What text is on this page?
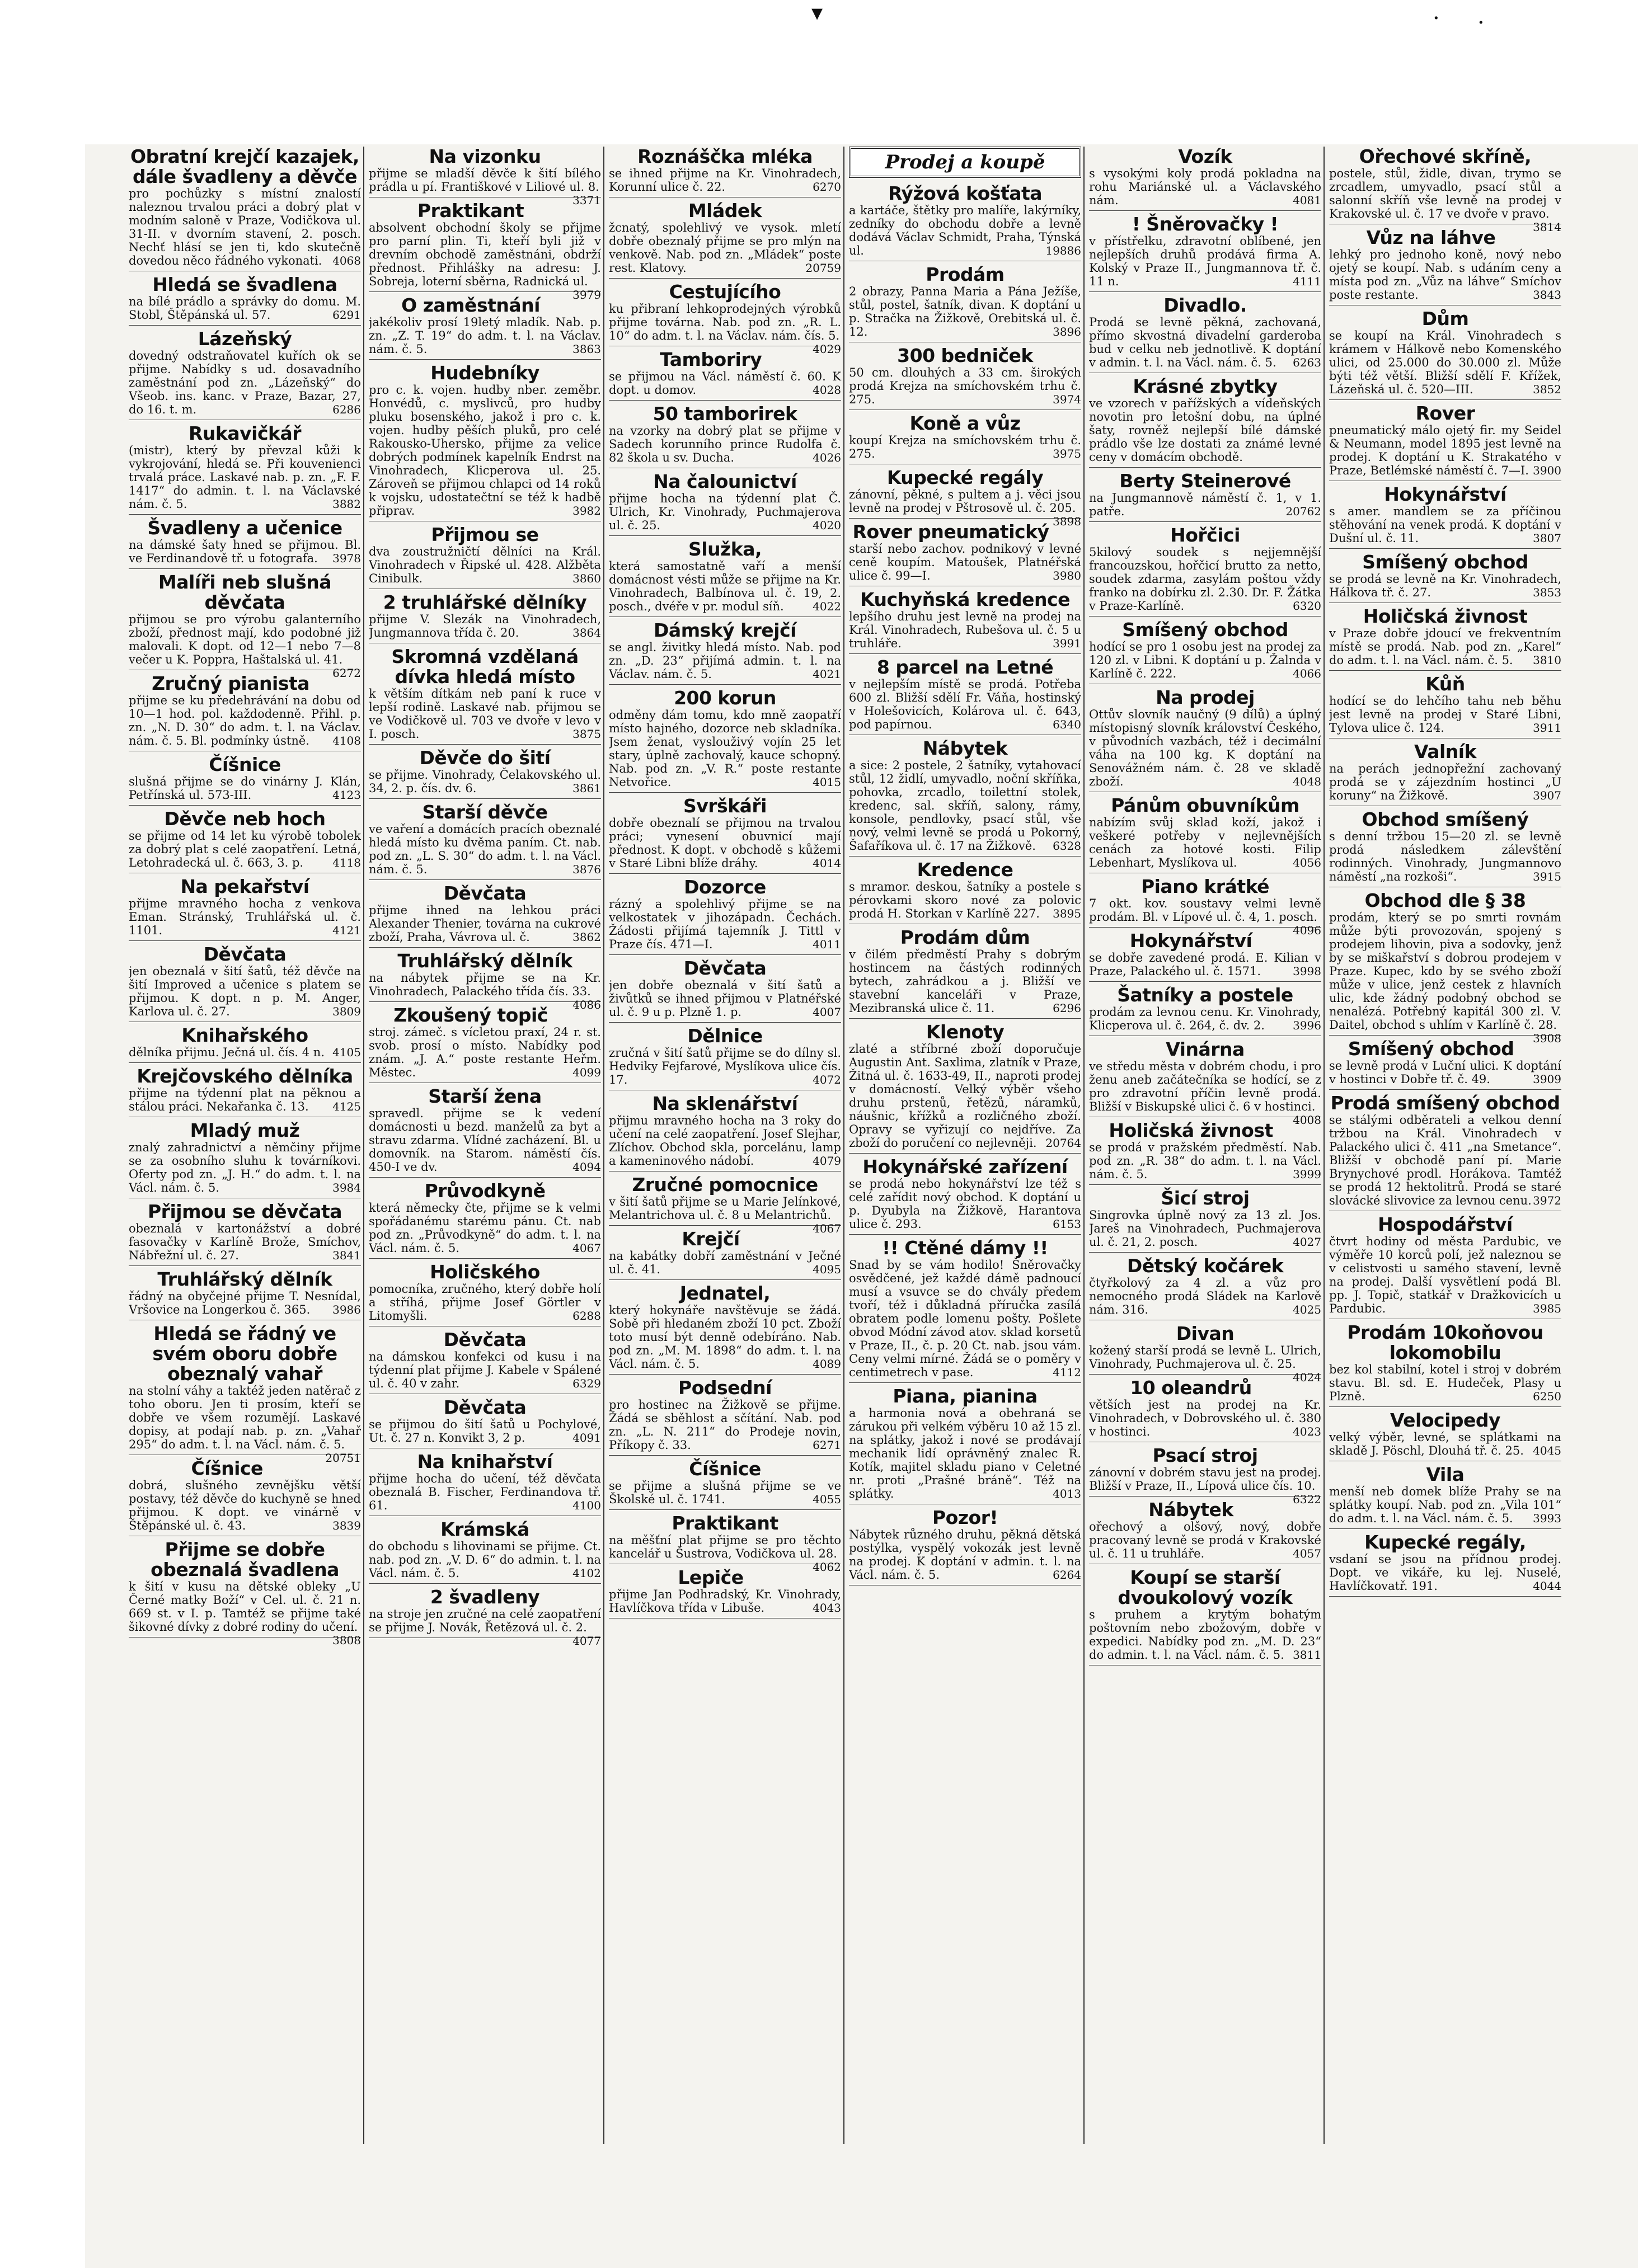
▾	· ·
Obratní krejčí kazajek, dále švadleny a děvče
pro pochůzky s místní znalostí naleznou trvalou práci a dobrý plat v modním saloně v Praze, Vodičkova ul. 31-II. v dvorním stavení, 2. posch. Nechť hlásí se jen ti, kdo skutečně dovedou něco řádného vykonati. 4068
Hledá se švadlena
na bílé prádlo a správky do domu. M. Stobl, Štěpánská ul. 57.	6291
Lázeňský
dovedný odstraňovatel kuřích ok se přijme. Nabídky s ud. dosavadního zaměstnání pod zn. „Lázeňský“ do Všeob. ins. kanc. v Praze, Bazar, 27, do 16. t. m.	6286
Rukavičkář
(mistr), který by převzal kůži k vykrojování, hledá se. Při kouvenienci trvalá práce. Laskavé nab. p. zn. „F. F. 1417“ do admin. t. l. na Václavské nám. č. 5.	3882
Švadleny a učenice
na dámské šaty hned se přijmou. Bl. ve Ferdinandově tř. u fotografa. 3978
Malíři neb slušná děvčata
přijmou se pro výrobu galanterního zboží, přednost mají, kdo podobné již malovali. K dopt. od 12—1 nebo 7—8 večer u K. Poppra, Haštalská ul. 41.
6272
Zručný pianista
přijme se ku předehrávání na dobu od 10—1 hod. pol. každodenně. Přihl. p. zn. „N. D. 30“ do adm. t. l. na Václav. nám. č. 5. Bl. podmínky ústně. 4108
Číšnice
slušná přijme se do vinárny J. Klán, Petřínská ul. 573-III.	4123
Děvče neb hoch
se přijme od 14 let ku výrobě tobolek za dobrý plat s celé zaopatření. Letná, Letohradecká ul. č. 663, 3. p.	4118
Na pekařství
přijme mravného hocha z venkova Eman. Stránský, Truhlářská ul. č. 1101.	4121
Děvčata
jen obeznalá v šití šatů, též děvče na šití Improved a učenice s platem se přijmou. K dopt. n p. M. Anger, Karlova ul. č. 27.	3809
Knihařského
dělníka přijmu. Ječná ul. čís. 4 n. 4105
Krejčovského dělníka
přijme na týdenní plat na pěknou a stálou práci. Nekařanka č. 13. 4125
Mladý muž
znalý zahradnictví a němčiny přijme se za osobního sluhu k továrníkovi. Oferty pod zn. „J. H.“ do adm. t. l. na Václ. nám. č. 5.	3984
Přijmou se děvčata
obeznalá v kartonážství a dobré fasovačky v Karlíně Brože, Smíchov, Nábřežní ul. č. 27.	3841
Truhlářský dělník
řádný na obyčejné přijme T. Nesnídal, Vršovice na Longerkou č. 365. 3986
Hledá se řádný ve svém oboru dobře obeznalý vahař
na stolní váhy a taktéž jeden natěrač z toho oboru. Jen ti prosím, kteří se dobře ve všem rozumějí. Laskavé dopisy, at podají nab. p. zn. „Vahař 295“ do adm. t. l. na Václ. nám. č. 5.
20751
Číšnice
dobrá, slušného zevnějšku větší postavy, též děvče do kuchyně se hned přijmou. K dopt. ve vinárně v Štěpánské ul. č. 43.	3839
Přijme se dobře obeznalá švadlena
k šití v kusu na dětské obleky „U Černé matky Boží“ v Cel. ul. č. 21 n. 669 st. v I. p. Tamtéž se přijme také šikovné dívky z dobré rodiny do učení.
3808
Na vizonku
přijme se mladší děvče k šití bílého prádla u pí. Františkové v Liliové ul. 8.
3371
Praktikant
absolvent obchodní školy se přijme pro parní plin. Ti, kteří byli již v drevním obchodě zaměstnáni, obdrží přednost. Přihlášky na adresu: J. Sobreja, loterní sběrna, Radnická ul.
3979
O zaměstnání
jakékoliv prosí 19letý mladík. Nab. p. zn. „Z. T. 19“ do adm. t. l. na Václav. nám. č. 5.	3863
Hudebníky
pro c. k. vojen. hudby nber. zeměbr. Honvédů, c. myslivců, pro hudby pluku bosenského, jakož i pro c. k. vojen. hudby pěších pluků, pro celé Rakousko-Uhersko, přijme za velice dobrých podmínek kapelník Endrst na Vinohradech, Klicperova ul. 25. Zároveň se přijmou chlapci od 14 roků k vojsku, udostatečtní se též k hadbě připrav.	3982
Přijmou se
dva zoustružničtí dělníci na Král. Vinohradech v Řipské ul. 428. Alžběta Cinibulk.	3860
2 truhlářské dělníky
přijme V. Slezák na Vinohradech, Jungmannova třída č. 20.	3864
Skromná vzdělaná dívka hledá místo
k větším dítkám neb paní k ruce v lepší rodině. Laskavé nab. přijmou se ve Vodičkově ul. 703 ve dvoře v levo v I. posch.	3875
Děvče do šití
se přijme. Vinohrady, Čelakovského ul. 34, 2. p. čís. dv. 6.	3861
Starší děvče
ve vaření a domácích pracích obeznalé hledá místo ku dvěma paním. Ct. nab. pod zn. „L. S. 30“ do adm. t. l. na Václ. nám. č. 5.	3876
Děvčata
přijme ihned na lehkou práci Alexander Thenier, továrna na cukrové zboží, Praha, Vávrova ul. č.	3862
Truhlářský dělník
na nábytek přijme se na Kr. Vinohradech, Palackého třída čís. 33.
4086
Zkoušený topič
stroj. zámeč. s vícletou praxí, 24 r. st. svob. prosí o místo. Nabídky pod znám. „J. A.“ poste restante Heřm. Městec.	4099
Starší žena
spravedl. přijme se k vedení domácnosti u bezd. manželů za byt a stravu zdarma. Vlídné zacházení. Bl. u domovník. na Starom. náměstí čís. 450-I ve dv.	4094
Průvodkyně
která německy čte, přijme se k velmi spořádanému starému pánu. Ct. nab pod zn. „Průvodkyně“ do adm. t. l. na Václ. nám. č. 5.	4067
Holičského
pomocníka, zručného, který dobře holí a stříhá, přijme Josef Görtler v Litomyšli.	6288
Děvčata
na dámskou konfekci od kusu i na týdenní plat přijme J. Kabele v Spálené ul. č. 40 v zahr.	6329
Děvčata
se přijmou do šití šatů u Pochylové, Ut. č. 27 n. Konvikt 3, 2 p.	4091
Na knihařství
přijme hocha do učení, též děvčata obeznalá B. Fischer, Ferdinandova tř. 61.	4100
Krámská
do obchodu s lihovinami se přijme. Ct. nab. pod zn. „V. D. 6“ do admin. t. l. na Václ. nám. č. 5.	4102
2 švadleny
na stroje jen zručné na celé zaopatření se přijme J. Novák, Řetězová ul. č. 2.
4077
Roznáščka mléka
se ihned přijme na Kr. Vinohradech, Korunní ulice č. 22.	6270
Mládek
žcnatý, spolehlivý ve vysok. mletí dobře obeznalý přijme se pro mlýn na venkově. Nab. pod zn. „Mládek“ poste rest. Klatovy.	20759
Cestujícího
ku přibraní lehkoprodejných výrobků přijme továrna. Nab. pod zn. „R. L. 10“ do adm. t. l. na Václav. nám. čís. 5.
4029
Tamboriry
se přijmou na Václ. náměstí č. 60. K dopt. u domov.	4028
50 tamborirek
na vzorky na dobrý plat se přijme v Sadech korunního prince Rudolfa č. 82 škola u sv. Ducha.	4026
Na čalounictví
přijme hocha na týdenní plat Č. Ulrich, Kr. Vinohrady, Puchmajerova ul. č. 25.	4020
Služka,
která samostatně vaří a menší domácnost vésti může se přijme na Kr. Vinohradech, Balbínova ul. č. 19, 2. posch., dvéře v pr. modul síň.	4022
Dámský krejčí
se angl. živitky hledá místo. Nab. pod zn. „D. 23“ přijímá admin. t. l. na Václav. nám. č. 5.	4021
200 korun
odměny dám tomu, kdo mně zaopatří místo hajného, dozorce neb skladníka. Jsem ženat, vyslouživý vojín 25 let stary, úplně zachovalý, kauce schopný. Nab. pod zn. „V. R.“ poste restante Netvořice.	4015
Svrškáři
dobře obeznalí se přijmou na trvalou práci; vynesení obuvnicí mají přednost. K dopt. v obchodě s kůžemi v Staré Libni blíže dráhy.	4014
Dozorce
rázný a spolehlivý přijme se na velkostatek v jihozápadn. Čechách. Žádosti přijímá tajemník J. Tittl v Praze čís. 471—I.	4011
Děvčata
jen dobře obeznalá v šití šatů a živůtků se ihned přijmou v Platnéřské ul. č. 9 u p. Plzně 1. p.	4007
Dělnice
zručná v šití šatů přijme se do dílny sl. Hedviky Fejfarové, Myslíkova ulice čís. 17.	4072
Na sklenářství
přijmu mravného hocha na 3 roky do učení na celé zaopatření. Josef Slejhar, Zlíchov. Obchod skla, porcelánu, lamp a kameninového nádobí.	4079
Zručné pomocnice
v šití šatů přijme se u Marie Jelínkové, Melantrichova ul. č. 8 u Melantrichů.
4067
Krejčí
na kabátky dobří zaměstnání v Ječné ul. č. 41.	4095
Jednatel,
který hokynáře navštěvuje se žádá. Sobě při hledaném zboží 10 pct. Zboží toto musí být denně odebíráno. Nab. pod zn. „M. M. 1898“ do adm. t. l. na Václ. nám. č. 5.	4089
Podsední
pro hostinec na Žižkově se přijme. Žádá se sběhlost a sčítání. Nab. pod zn. „L. N. 211“ do Prodeje novin, Příkopy č. 33.	6271
Číšnice
se přijme a slušná přijme se ve Školské ul. č. 1741.	4055
Praktikant
na měšťní plat přijme se pro těchto kancelář u Šustrova, Vodičkova ul. 28.
4062
Lepiče
přijme Jan Podhradský, Kr. Vinohrady, Havlíčkova třída v Libuše.	4043
Prodej a koupě
Rýžová košťata
a kartáče, štětky pro malíře, lakýrníky, zedníky do obchodu dobře a levně dodává Václav Schmidt, Praha, Týnská ul.	19886
Prodám
2 obrazy, Panna Maria a Pána Ježíše, stůl, postel, šatník, divan. K doptání u p. Stračka na Žižkově, Orebitská ul. č. 12.	3896
300 bedniček
50 cm. dlouhých a 33 cm. širokých prodá Krejza na smíchovském trhu č. 275.	3974
Koně a vůz
koupí Krejza na smíchovském trhu č. 275.	3975
Kupecké regály
zánovní, pěkné, s pultem a j. věci jsou levně na prodej v Pštrosově ul. č. 205.
3898
Rover pneumatický
starší nebo zachov. podnikový v levné ceně koupím. Matoušek, Platnéřská ulice č. 99—I.	3980
Kuchyňská kredence
lepšího druhu jest levně na prodej na Král. Vinohradech, Rubešova ul. č. 5 u truhláře.	3991
8 parcel na Letné
v nejlepším místě se prodá. Potřeba 600 zl. Bližší sdělí Fr. Váňa, hostinský v Holešovicích, Kolárova ul. č. 643, pod papírnou.	6340
Nábytek
a sice: 2 postele, 2 šatníky, vytahovací stůl, 12 židlí, umyvadlo, noční skříňka, pohovka, zrcadlo, toilettní stolek, kredenc, sal. skříň, salony, rámy, konsole, pendlovky, psací stůl, vše nový, velmi levně se prodá u Pokorný, Šafaříkova ul. č. 17 na Žižkově. 6328
Kredence
s mramor. deskou, šatníky a postele s pérovkami skoro nové za polovic prodá H. Storkan v Karlíně 227. 3895
Prodám dům
v čilém předměstí Prahy s dobrým hostincem na částých rodinných bytech, zahrádkou a j. Bližší ve stavební kanceláři v Praze, Mezibranská ulice č. 11.	6296
Klenoty
zlaté a stříbrné zboží doporučuje Augustin Ant. Saxlima, zlatník v Praze, Žitná ul. č. 1633-49, II., naproti prodej v domácností. Velký výběr všeho druhu prstenů, řetězů, náramků, náušnic, křížků a rozličného zboží. Opravy se vyřizují co nejdříve. Za zboží do poručení co nejlevněji. 20764
Hokynářské zařízení
se prodá nebo hokynářství lze též s celé zařídit nový obchod. K doptání u p. Dyubyla na Žižkově, Harantova ulice č. 293.	6153
!! Ctěné dámy !!
Snad by se vám hodilo! Šněrovačky osvědčené, jež každé dámě padnoucí musí a vsuvce se do chvály předem tvoří, též i důkladná příručka zasílá obratem podle lomenu pošty. Pošlete obvod Módní závod atov. sklad korsetů v Praze, II., č. p. 20 Ct. nab. jsou vám. Ceny velmi mírné. Žádá se o poměry v centimetrech v pase.	4112
Piana, pianina
a harmonia nová a obehraná se zárukou při velkém výběru 10 až 15 zl. na splátky, jakož i nové se prodávají mechanik lidí oprávněný znalec R. Kotík, majitel skladu piano v Celetné nr. proti „Prašné bráně“. Též na splátky.	4013
Pozor!
Nábytek různého druhu, pěkná dětská postýlka, vyspělý vokozák jest levně na prodej. K doptání v admin. t. l. na Václ. nám. č. 5.	6264
Vozík
s vysokými koly prodá pokladna na rohu Mariánské ul. a Václavského nám.	4081
! Šněrovačky !
v přístřelku, zdravotní oblíbené, jen nejlepších druhů prodává firma A. Kolský v Praze II., Jungmannova tř. č. 11 n.	4111
Divadlo.
Prodá se levně pěkná, zachovaná, přímo skvostná divadelní garderoba bud v celku neb jednotlivě. K doptání v admin. t. l. na Václ. nám. č. 5. 6263
Krásné zbytky
ve vzorech v pařížských a vídeňských novotin pro letošní dobu, na úplné šaty, rovněž nejlepší bílé dámské prádlo vše lze dostati za známé levné ceny v domácím obchodě.
Berty Steinerové
na Jungmannově náměstí č. 1, v 1. patře.	20762
Hořčici
5kilový soudek s nejjemnější francouzskou, hořčicí brutto za netto, soudek zdarma, zasylám poštou vždy franko na dobírku zl. 2.30. Dr. F. Žátka v Praze-Karlíně.	6320
Smíšený obchod
hodící se pro 1 osobu jest na prodej za 120 zl. v Libni. K doptání u p. Žalnda v Karlíně č. 222.	4066
Na prodej
Ottův slovník naučný (9 dílů) a úplný místopisný slovník království Českého, v původních vazbách, též i decimální váha na 100 kg. K doptání na Senovážném nám. č. 28 ve skladě zboží.	4048
Pánům obuvníkům
nabízím svůj sklad koží, jakož i veškeré potřeby v nejlevnějších cenách za hotové kosti. Filip Lebenhart, Myslíkova ul.	4056
Piano krátké
7 okt. kov. soustavy velmi levně prodám. Bl. v Lípové ul. č. 4, 1. posch.
4096
Hokynářství
se dobře zavedené prodá. E. Kilian v Praze, Palackého ul. č. 1571.	3998
Šatníky a postele
prodám za levnou cenu. Kr. Vinohrady, Klicperova ul. č. 264, č. dv. 2.	3996
Vinárna
ve středu města v dobrém chodu, i pro ženu aneb začátečníka se hodící, se z pro zdravotní příčin levně prodá. Bližší v Biskupské ulici č. 6 v hostinci.
4008
Holičská živnost
se prodá v pražském předměstí. Nab. pod zn. „R. 38“ do adm. t. l. na Václ. nám. č. 5.	3999
Šicí stroj
Singrovka úplně nový za 13 zl. Jos. Jareš na Vinohradech, Puchmajerova ul. č. 21, 2. posch.	4027
Dětský kočárek
čtyřkolový za 4 zl. a vůz pro nemocného prodá Sládek na Karlově nám. 316.	4025
Divan
kožený starší prodá se levně L. Ulrich, Vinohrady, Puchmajerova ul. č. 25.
4024
10 oleandrů
větších jest na prodej na Kr. Vinohradech, v Dobrovského ul. č. 380 v hostinci.	4023
Psací stroj
zánovní v dobrém stavu jest na prodej. Bližší v Praze, II., Lípová ulice čís. 10.
6322
Nábytek
ořechový a olšový, nový, dobře pracovaný levně se prodá v Krakovské ul. č. 11 u truhláře.	4057
Koupí se starší dvoukolový vozík
s pruhem a krytým bohatým poštovním nebo zbožovým, dobře v expedici. Nabídky pod zn. „M. D. 23“ do admin. t. l. na Václ. nám. č. 5. 3811
Ořechové skříně,
postele, stůl, židle, divan, trymo se zrcadlem, umyvadlo, psací stůl a salonní skříň vše levně na prodej v Krakovské ul. č. 17 ve dvoře v pravo.
3814
Vůz na láhve
lehký pro jednoho koně, nový nebo ojetý se koupí. Nab. s udáním ceny a místa pod zn. „Vůz na láhve“ Smíchov poste restante.	3843
Dům
se koupí na Král. Vinohradech s krámem v Hálkově nebo Komenského ulici, od 25.000 do 30.000 zl. Může býti též větší. Bližší sdělí F. Křížek, Lázeňská ul. č. 520—III.	3852
Rover
pneumatický málo ojetý fir. my Seidel & Neumann, model 1895 jest levně na prodej. K doptání u K. Strakatého v Praze, Betlémské náměstí č. 7—I. 3900
Hokynářství
s amer. mandlem se za příčinou stěhování na venek prodá. K doptání v Dušní ul. č. 11.	3807
Smíšený obchod
se prodá se levně na Kr. Vinohradech, Hálkova tř. č. 27.	3853
Holičská živnost
v Praze dobře jdoucí ve frekventním místě se prodá. Nab. pod zn. „Karel“ do adm. t. l. na Václ. nám. č. 5. 3810
Kůň
hodící se do lehčího tahu neb běhu jest levně na prodej v Staré Libni, Tylova ulice č. 124.	3911
Valník
na perách jednopřežní zachovaný prodá se v zájezdním hostinci „U koruny“ na Žižkově.	3907
Obchod smíšený
s denní tržbou 15—20 zl. se levně prodá následkem zálevštění rodinných. Vinohrady, Jungmannovo náměstí „na rozkoši“.	3915
Obchod dle § 38
prodám, který se po smrti rovnám může býti provozován, spojený s prodejem lihovin, piva a sodovky, jenž by se miškařství s dobrou prodejem v Praze. Kupec, kdo by se svého zboží může v ulice, jenž cestek z hlavních ulic, kde žádný podobný obchod se nenalézá. Potřebný kapitál 300 zl. V. Daitel, obchod s uhlím v Karlíně č. 28.
3908
Smíšený obchod
se levně prodá v Luční ulici. K doptání v hostinci v Dobře tř. č. 49.	3909
Prodá smíšený obchod
se stálými odběrateli a velkou denní tržbou na Král. Vinohradech v Palackého ulici č. 411 „na Smetance“. Bližší v obchodě paní pí. Marie Brynychové prodl. Horákova. Tamtéž se prodá 12 hektolitrů. Prodá se staré slovácké slivovice za levnou cenu. 3972
Hospodářství
čtvrt hodiny od města Pardubic, ve výměře 10 korců polí, jež naleznou se v celistvosti u samého stavení, levně na prodej. Další vysvětlení podá Bl. pp. J. Topič, statkář v Dražkovicích u Pardubic.	3985
Prodám 10koňovou lokomobilu
bez kol stabilní, kotel i stroj v dobrém stavu. Bl. sd. E. Hudeček, Plasy u Plzně.	6250
Velocipedy
velký výběr, levné, se splátkami na skladě J. Pöschl, Dlouhá tř. č. 25. 4045
Vila
menší neb domek blíže Prahy se na splátky koupí. Nab. pod zn. „Vila 101“ do adm. t. l. na Václ. nám. č. 5. 3993
Kupecké regály,
vsdaní se jsou na přídnou prodej. Dopt. ve vikáře, ku lej. Nuselé, Havlíčkovatř. 191.	4044
